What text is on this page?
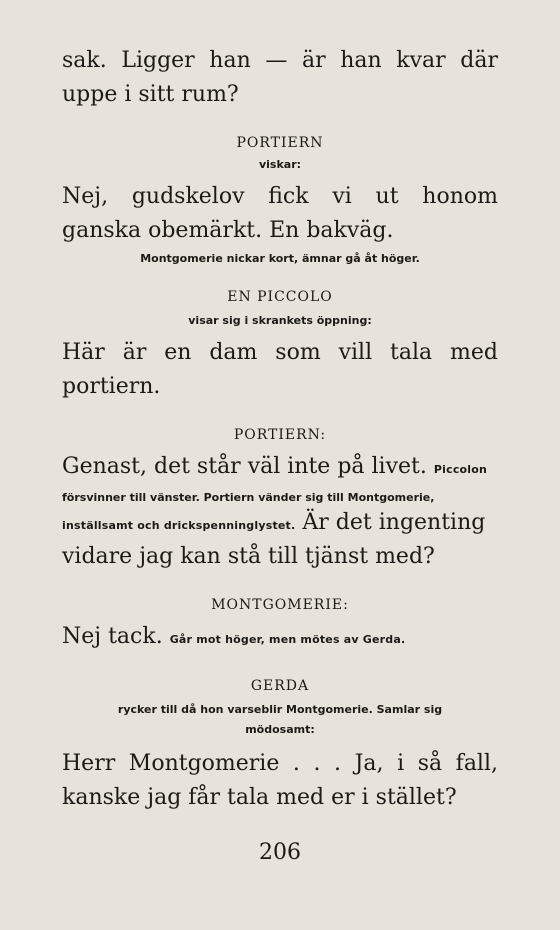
sak. Ligger han — är han kvar där uppe i sitt rum?

PORTIERN

viskar:

Nej, gudskelov fick vi ut honom ganska obemärkt. En bakväg.

Montgomerie nickar kort, ämnar gå åt höger.

EN PICCOLO

visar sig i skrankets öppning:

Här är en dam som vill tala med portiern.

PORTIERN:

Genast, det står väl inte på livet. Piccolon

försvinner till vänster. Portiern vänder sig till Montgomerie,

inställsamt och drickspenninglystet. Är det ingenting

vidare jag kan stå till tjänst med?

MONTGOMERIE:

Nej tack. Går mot höger, men mötes av Gerda.

GERDA

rycker till då hon varseblir Montgomerie. Samlar sig

mödosamt:

Herr Montgomerie . . . Ja, i så fall, kanske jag får tala med er i stället?

206
